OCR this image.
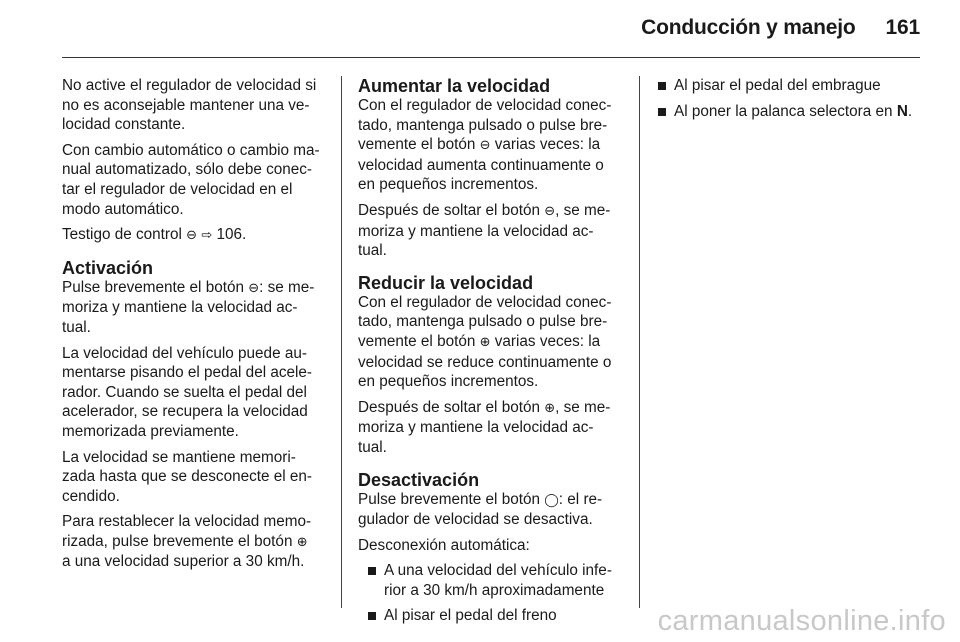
Conducción y manejo 161

No active el regulador de velocidad si no es aconsejable mantener una ve-locidad constante.

Con cambio automático o cambio ma-nual automatizado, sólo debe conec-tar el regulador de velocidad en el modo automático.

Testigo de control ⊖ ⇨ 106.

Activación

Pulse brevemente el botón ⊖: se me-moriza y mantiene la velocidad ac-tual.

La velocidad del vehículo puede au-mentarse pisando el pedal del acele-rador. Cuando se suelta el pedal del acelerador, se recupera la velocidad memorizada previamente.

La velocidad se mantiene memori-zada hasta que se desconecte el en-cendido.

Para restablecer la velocidad memo-rizada, pulse brevemente el botón ⊕
a una velocidad superior a 30 km/h.

Aumentar la velocidad

Con el regulador de velocidad conec-tado, mantenga pulsado o pulse bre-vemente el botón ⊖ varias veces: la velocidad aumenta continuamente o en pequeños incrementos.

Después de soltar el botón ⊖, se me-moriza y mantiene la velocidad ac-tual.

Reducir la velocidad

Con el regulador de velocidad conec-tado, mantenga pulsado o pulse bre-vemente el botón ⊕ varias veces: la velocidad se reduce continuamente o en pequeños incrementos.

Después de soltar el botón ⊕, se me-moriza y mantiene la velocidad ac-tual.

Desactivación

Pulse brevemente el botón ◯: el re-gulador de velocidad se desactiva.

Desconexión automática:

A una velocidad del vehículo infe-rior a 30 km/h aproximadamente
Al pisar el pedal del freno
Al pisar el pedal del embrague
Al poner la palanca selectora en N.
carmanualsonline.info
